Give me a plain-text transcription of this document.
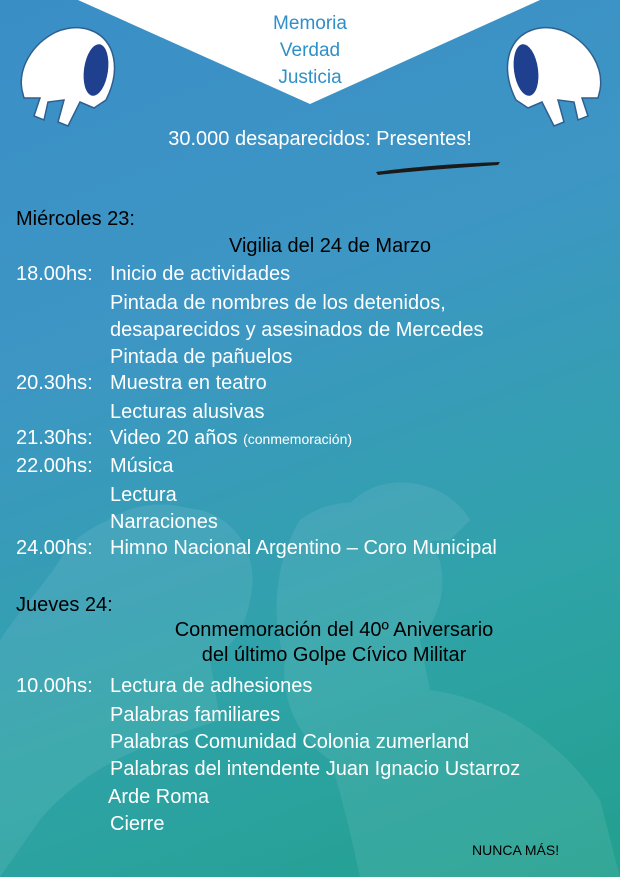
Memoria
Verdad
Justicia
30.000 desaparecidos: Presentes!
Miércoles 23:
Vigilia del 24 de Marzo
18.00hs: Inicio de actividades
Pintada de nombres de los detenidos,
desaparecidos y asesinados de Mercedes
Pintada de pañuelos
20.30hs: Muestra en teatro
Lecturas alusivas
21.30hs: Video 20 años (conmemoración)
22.00hs: Música
Lectura
Narraciones
24.00hs: Himno Nacional Argentino – Coro Municipal
Jueves 24:
Conmemoración del 40º Aniversario
del último Golpe Cívico Militar
10.00hs: Lectura de adhesiones
Palabras familiares
Palabras Comunidad Colonia zumerland
Palabras del intendente Juan Ignacio Ustarroz
Arde Roma
Cierre
NUNCA MÁS!
